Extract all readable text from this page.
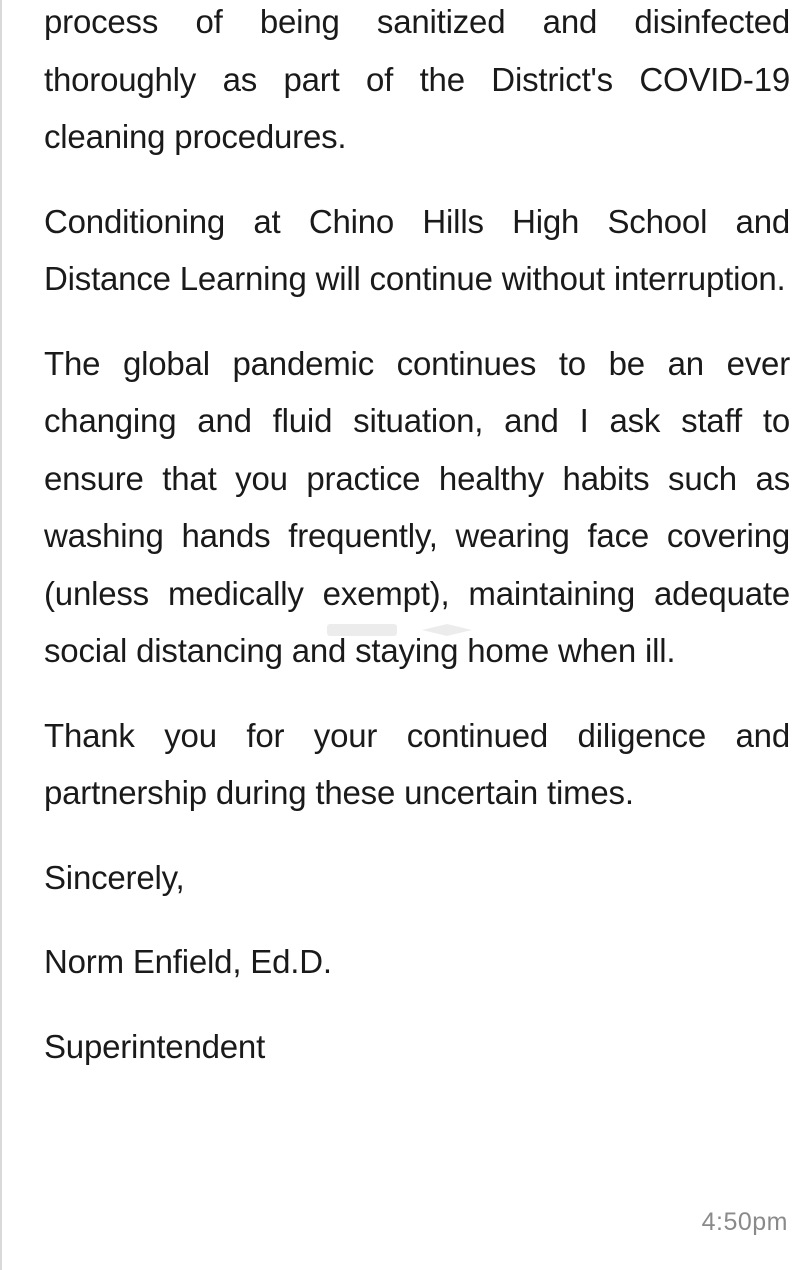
process of being sanitized and disinfected thoroughly as part of the District's COVID-19 cleaning procedures.

Conditioning at Chino Hills High School and Distance Learning will continue without interruption.

The global pandemic continues to be an ever changing and fluid situation, and I ask staff to ensure that you practice healthy habits such as washing hands frequently, wearing face covering (unless medically exempt), maintaining adequate social distancing and staying home when ill.

Thank you for your continued diligence and partnership during these uncertain times.

Sincerely,

Norm Enfield, Ed.D.

Superintendent

4:50pm
